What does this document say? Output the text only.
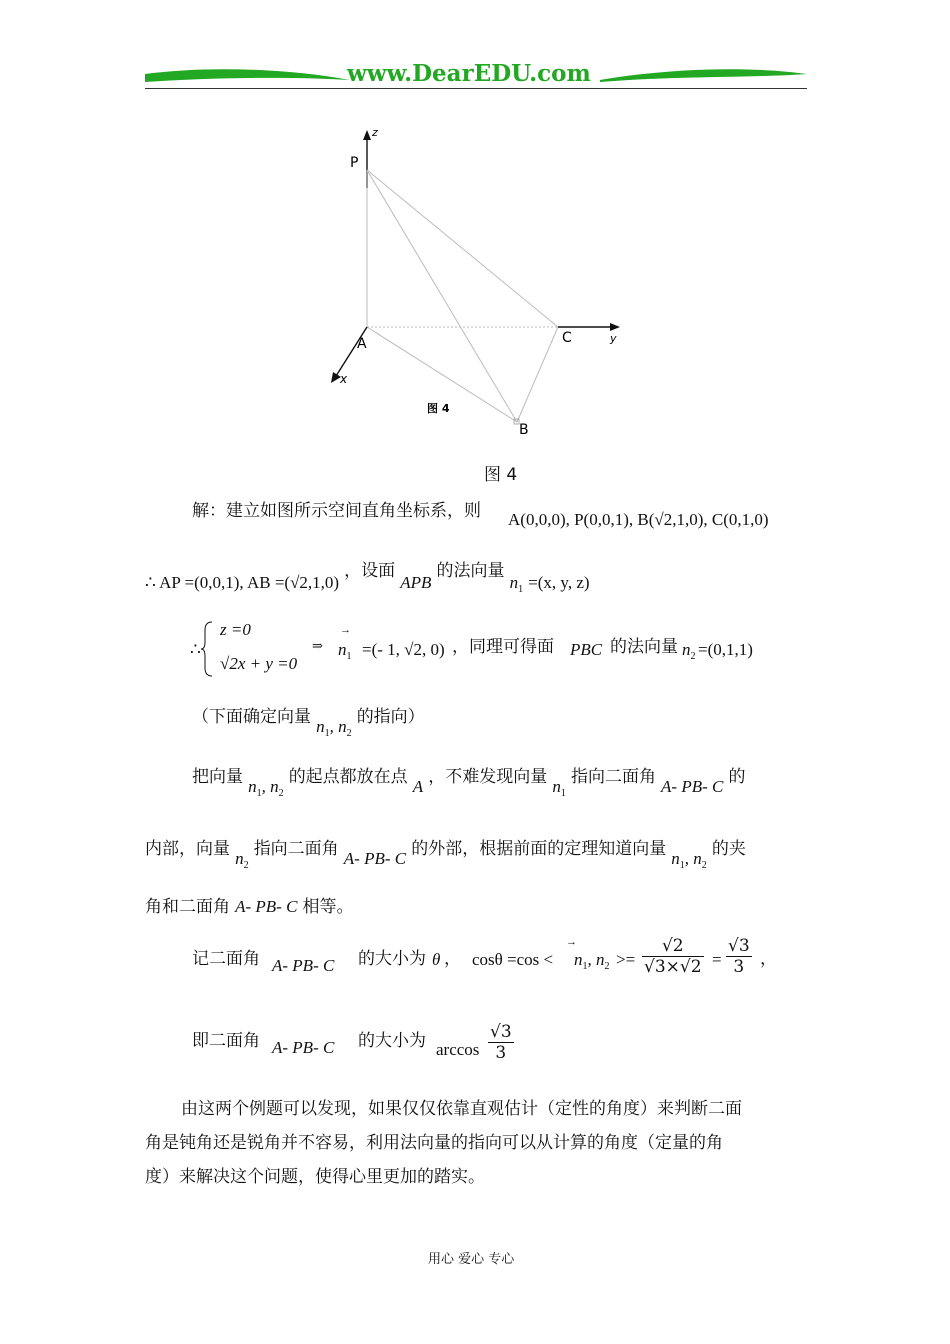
www.DearEDU.com
z
P
A
x
C	y
B
图 4
图 4
解：建立如图所示空间直角坐标系，则 A(0,0,0), P(0,0,1), B(√2,1,0), C(0,1,0)
∴ AP =(0,0,1), AB =(√2,1,0) ，设面 APB 的法向量 $n_1 =(x$, y, z)
∴
z =0
√2x + y =0
⇒
→
$n_1$ =(- 1, √2, 0) ，同理可得面 PBC 的法向量 $n_2 =(0,1,1)$
（下面确定向量 $n_1$, $n_2$ 的指向）
把向量 $n_1$, $n_2$ 的起点都放在点 A ，不难发现向量 $n_1$ 指向二面角 A- PB- C 的
内部，向量 $n_2$ 指向二面角 A- PB- C 的外部，根据前面的定理知道向量 $n_1$, $n_2$ 的夹
角和二面角 A- PB- C 相等。
记二面角 A- PB- C 的大小为 θ ， cosθ =cos <
→
$n_1$, $n_2 >= \frac{√2}{√3\times√2} = \frac{√3}{3}$ ，
即二面角 A- PB- C 的大小为 $\arccos \frac{√3}{3}$
由这两个例题可以发现，如果仅仅依靠直观估计（定性的角度）来判断二面
角是钝角还是锐角并不容易，利用法向量的指向可以从计算的角度（定量的角
度）来解决这个问题，使得心里更加的踏实。
用心 爱心 专心
